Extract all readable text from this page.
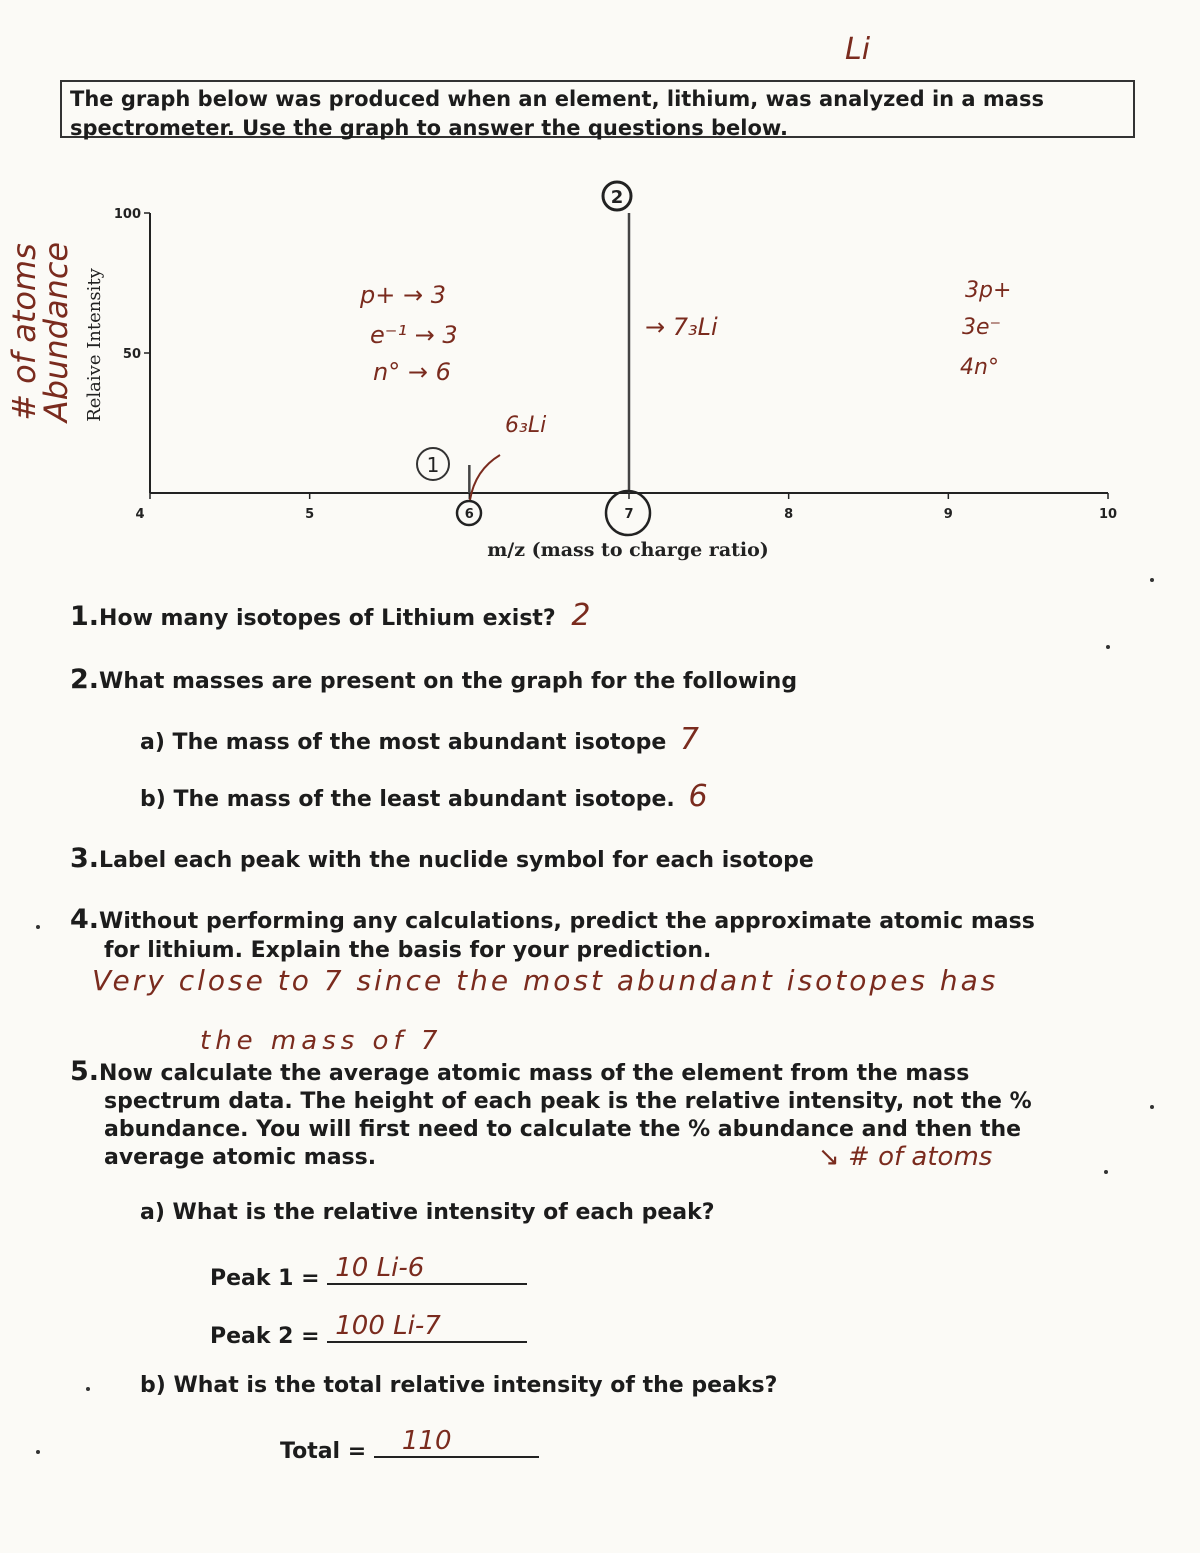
Li
The graph below was produced when an element, lithium, was analyzed in a mass spectrometer. Use the graph to answer the questions below.
# of atoms
Abundance
4	5	6	7	8	9	10
100
50
Relaive Intensity
m/z (mass to charge ratio)
1
2
6₃Li
→ 7₃Li
p+ → 3
e⁻¹ → 3
n° → 6
3p+
3e⁻
4n°
1.How many isotopes of Lithium exist? 2
2.What masses are present on the graph for the following
a) The mass of the most abundant isotope 7
b) The mass of the least abundant isotope. 6
3.Label each peak with the nuclide symbol for each isotope
4.Without performing any calculations, predict the approximate atomic mass
for lithium. Explain the basis for your prediction.
Very close to 7 since the most abundant isotopes has
the mass of 7
5.Now calculate the average atomic mass of the element from the mass
spectrum data. The height of each peak is the relative intensity, not the %
abundance. You will first need to calculate the % abundance and then the
average atomic mass.	↘ # of atoms
a) What is the relative intensity of each peak?
Peak 1 = 10 Li-6
Peak 2 = 100 Li-7
b) What is the total relative intensity of the peaks?
Total = 110
